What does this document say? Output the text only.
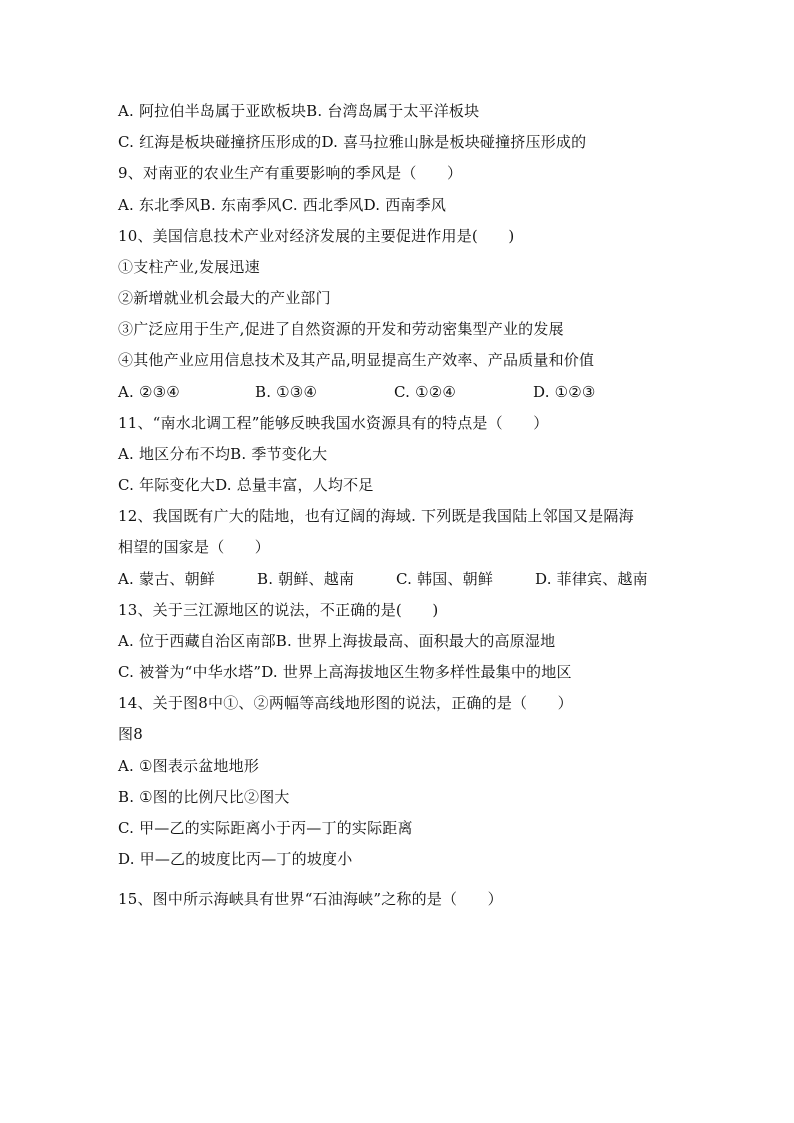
A. 阿拉伯半岛属于亚欧板块B. 台湾岛属于太平洋板块
C. 红海是板块碰撞挤压形成的D. 喜马拉雅山脉是板块碰撞挤压形成的
9、对南亚的农业生产有重要影响的季风是（　　）
A. 东北季风B. 东南季风C. 西北季风D. 西南季风
10、美国信息技术产业对经济发展的主要促进作用是(　　)
①支柱产业,发展迅速
②新增就业机会最大的产业部门
③广泛应用于生产,促进了自然资源的开发和劳动密集型产业的发展
④其他产业应用信息技术及其产品,明显提高生产效率、产品质量和价值
A. ②③④	B. ①③④	C. ①②④	D. ①②③
11、“南水北调工程”能够反映我国水资源具有的特点是（　　）
A. 地区分布不均B. 季节变化大
C. 年际变化大D. 总量丰富，人均不足
12、我国既有广大的陆地，也有辽阔的海域. 下列既是我国陆上邻国又是隔海
相望的国家是（　　）
A. 蒙古、朝鲜	B. 朝鲜、越南	C. 韩国、朝鲜	D. 菲律宾、越南
13、关于三江源地区的说法，不正确的是(　　)
A. 位于西藏自治区南部B. 世界上海拔最高、面积最大的高原湿地
C. 被誉为“中华水塔”D. 世界上高海拔地区生物多样性最集中的地区
14、关于图8中①、②两幅等高线地形图的说法，正确的是（　　）
图8
A. ①图表示盆地地形
B. ①图的比例尺比②图大
C. 甲—乙的实际距离小于丙—丁的实际距离
D. 甲—乙的坡度比丙—丁的坡度小
15、图中所示海峡具有世界“石油海峡”之称的是（　　）
